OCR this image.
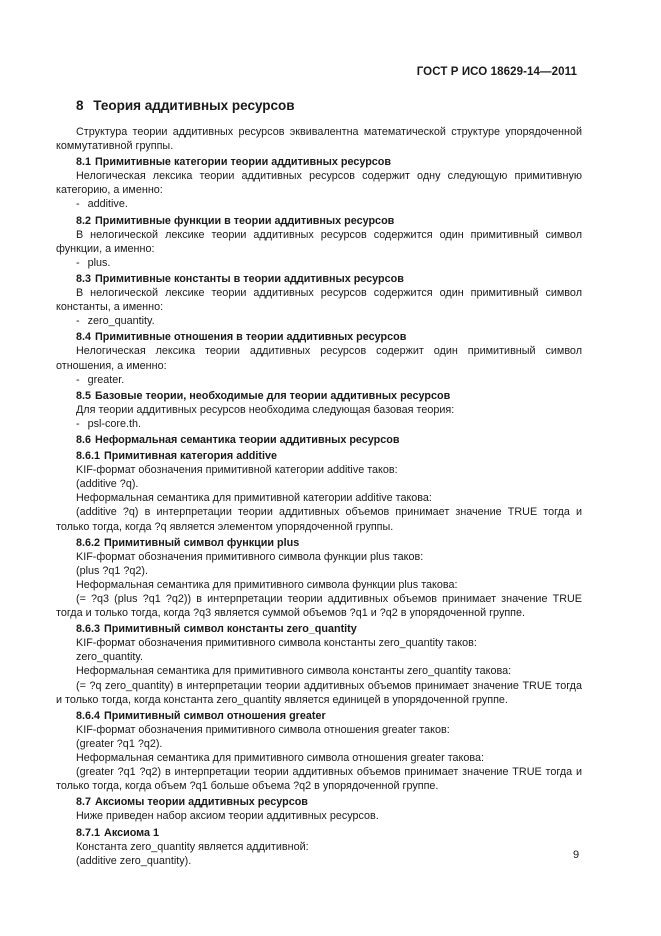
ГОСТ Р ИСО 18629-14—2011
8 Теория аддитивных ресурсов

Структура теории аддитивных ресурсов эквивалентна математической структуре упорядоченной коммутативной группы.

8.1 Примитивные категории теории аддитивных ресурсов

Нелогическая лексика теории аддитивных ресурсов содержит одну следующую примитивную категорию, а именно:

- additive.
8.2 Примитивные функции в теории аддитивных ресурсов

В нелогической лексике теории аддитивных ресурсов содержится один примитивный символ функции, а именно:

- plus.
8.3 Примитивные константы в теории аддитивных ресурсов

В нелогической лексике теории аддитивных ресурсов содержится один примитивный символ константы, а именно:

- zero_quantity.
8.4 Примитивные отношения в теории аддитивных ресурсов

Нелогическая лексика теории аддитивных ресурсов содержит один примитивный символ отношения, а именно:

- greater.
8.5 Базовые теории, необходимые для теории аддитивных ресурсов

Для теории аддитивных ресурсов необходима следующая базовая теория:

- psl-core.th.
8.6 Неформальная семантика теории аддитивных ресурсов
8.6.1 Примитивная категория additive
KIF-формат обозначения примитивной категории additive таков:
(additive ?q).
Неформальная семантика для примитивной категории additive такова:

(additive ?q) в интерпретации теории аддитивных объемов принимает значение TRUE тогда и только тогда, когда ?q является элементом упорядоченной группы.

8.6.2 Примитивный символ функции plus
KIF-формат обозначения примитивного символа функции plus таков:
(plus ?q1 ?q2).
Неформальная семантика для примитивного символа функции plus такова:

(= ?q3 (plus ?q1 ?q2)) в интерпретации теории аддитивных объемов принимает значение TRUE тогда и только тогда, когда ?q3 является суммой объемов ?q1 и ?q2 в упорядоченной группе.

8.6.3 Примитивный символ константы zero_quantity
KIF-формат обозначения примитивного символа константы zero_quantity таков:
zero_quantity.
Неформальная семантика для примитивного символа константы zero_quantity такова:

(= ?q zero_quantity) в интерпретации теории аддитивных объемов принимает значение TRUE тогда и только тогда, когда константа zero_quantity является единицей в упорядоченной группе.

8.6.4 Примитивный символ отношения greater
KIF-формат обозначения примитивного символа отношения greater таков:
(greater ?q1 ?q2).
Неформальная семантика для примитивного символа отношения greater такова:

(greater ?q1 ?q2) в интерпретации теории аддитивных объемов принимает значение TRUE тогда и только тогда, когда объем ?q1 больше объема ?q2 в упорядоченной группе.

8.7 Аксиомы теории аддитивных ресурсов

Ниже приведен набор аксиом теории аддитивных ресурсов.

8.7.1 Аксиома 1
Константа zero_quantity является аддитивной:
(additive zero_quantity).	9
